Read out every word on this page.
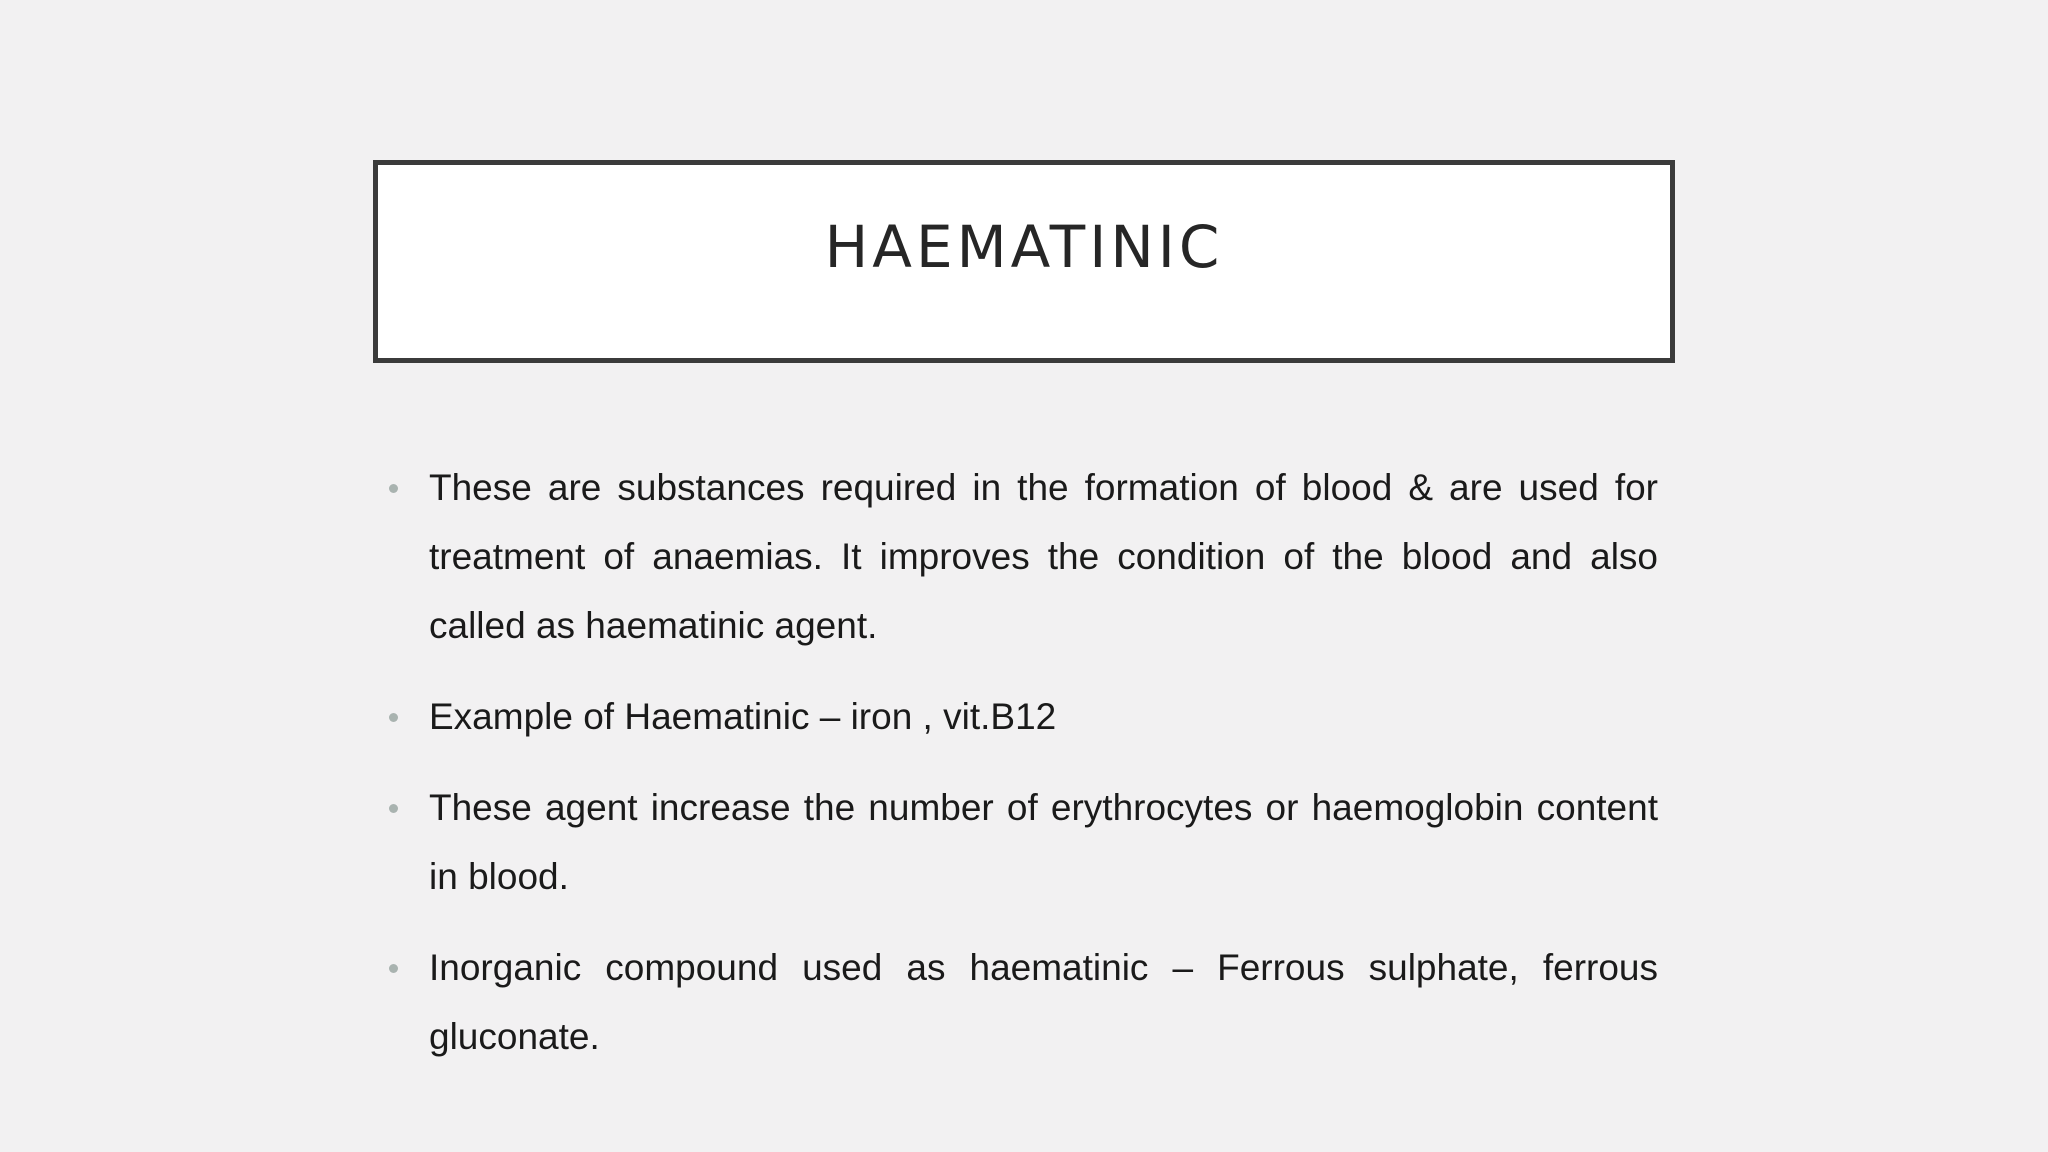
HAEMATINIC
These are substances required in the formation of blood & are used for treatment of anaemias. It improves the condition of the blood and also called as haematinic agent.
Example of Haematinic – iron , vit.B12
These agent increase the number of erythrocytes or haemoglobin content in blood.
Inorganic compound used as haematinic – Ferrous sulphate, ferrous gluconate.
